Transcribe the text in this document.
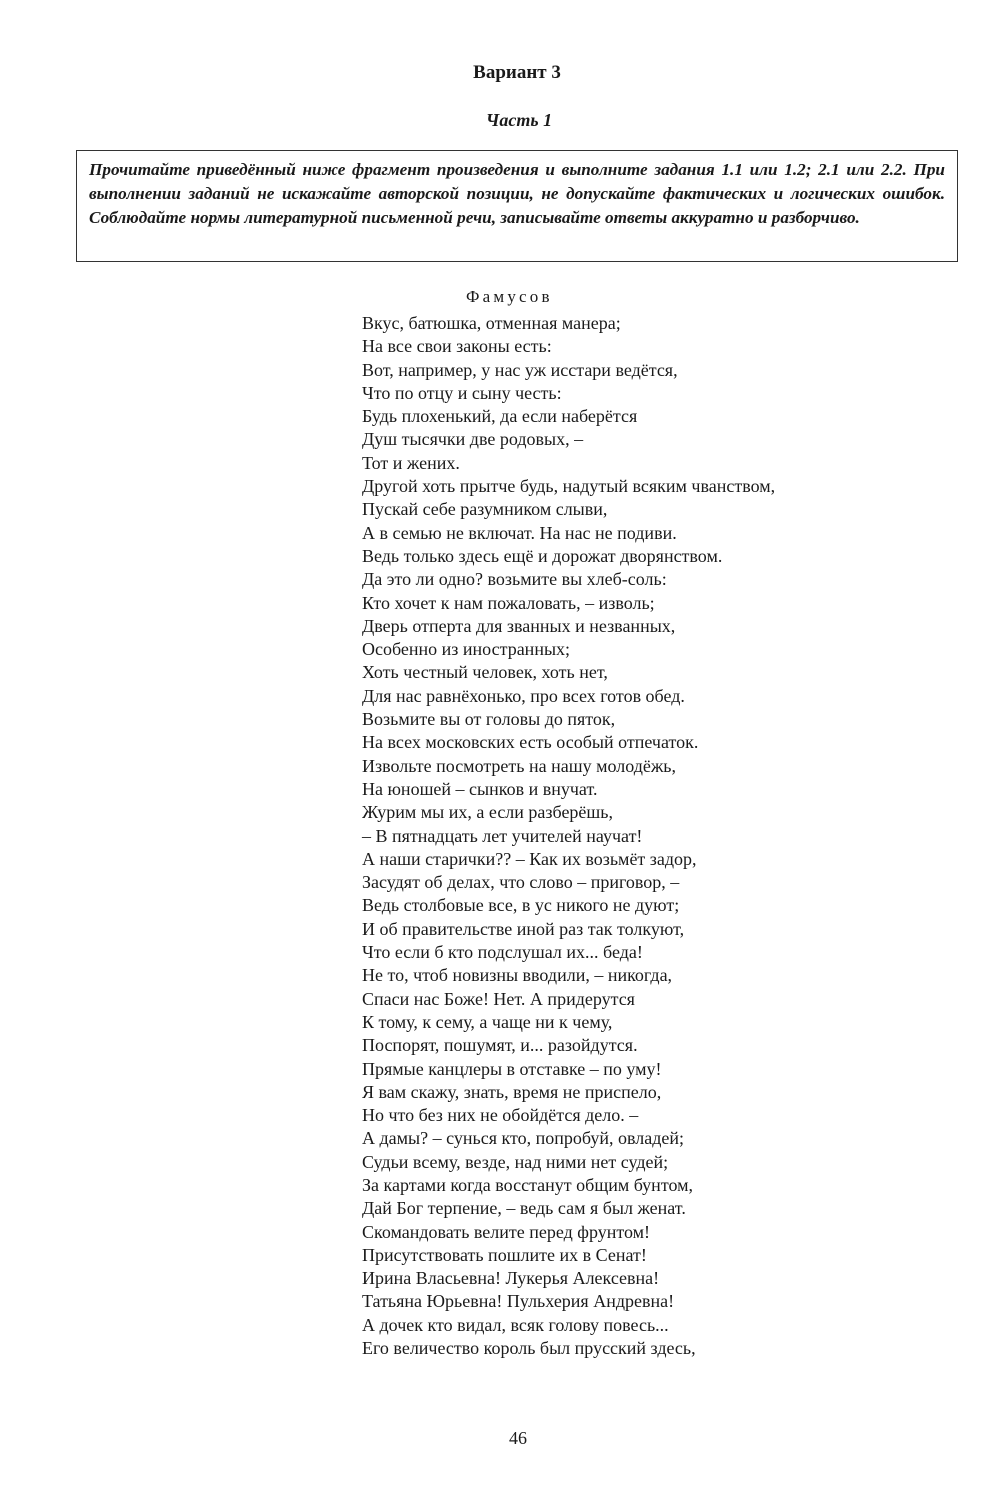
Вариант 3
Часть 1
Прочитайте приведённый ниже фрагмент произведения и выполните задания 1.1 или 1.2; 2.1 или 2.2. При выполнении заданий не искажайте авторской позиции, не допускайте фактических и логических ошибок. Соблюдайте нормы литературной письменной речи, записывайте ответы аккуратно и разборчиво.
Фамусов
Вкус, батюшка, отменная манера;
На все свои законы есть:
Вот, например, у нас уж исстари ведётся,
Что по отцу и сыну честь:
Будь плохенький, да если наберётся
Душ тысячки две родовых, –
Тот и жених.
Другой хоть прытче будь, надутый всяким чванством,
Пускай себе разумником слыви,
А в семью не включат. На нас не подиви.
Ведь только здесь ещё и дорожат дворянством.
Да это ли одно? возьмите вы хлеб-соль:
Кто хочет к нам пожаловать, – изволь;
Дверь отперта для званных и незванных,
Особенно из иностранных;
Хоть честный человек, хоть нет,
Для нас равнёхонько, про всех готов обед.
Возьмите вы от головы до пяток,
На всех московских есть особый отпечаток.
Извольте посмотреть на нашу молодёжь,
На юношей – сынков и внучат.
Журим мы их, а если разберёшь,
– В пятнадцать лет учителей научат!
А наши старички?? – Как их возьмёт задор,
Засудят об делах, что слово – приговор, –
Ведь столбовые все, в ус никого не дуют;
И об правительстве иной раз так толкуют,
Что если б кто подслушал их... беда!
Не то, чтоб новизны вводили, – никогда,
Спаси нас Боже! Нет. А придерутся
К тому, к сему, а чаще ни к чему,
Поспорят, пошумят, и... разойдутся.
Прямые канцлеры в отставке – по уму!
Я вам скажу, знать, время не приспело,
Но что без них не обойдётся дело. –
А дамы? – сунься кто, попробуй, овладей;
Судьи всему, везде, над ними нет судей;
За картами когда восстанут общим бунтом,
Дай Бог терпение, – ведь сам я был женат.
Скомандовать велите перед фрунтом!
Присутствовать пошлите их в Сенат!
Ирина Власьевна! Лукерья Алексевна!
Татьяна Юрьевна! Пульхерия Андревна!
А дочек кто видал, всяк голову повесь...
Его величество король был прусский здесь,
46
